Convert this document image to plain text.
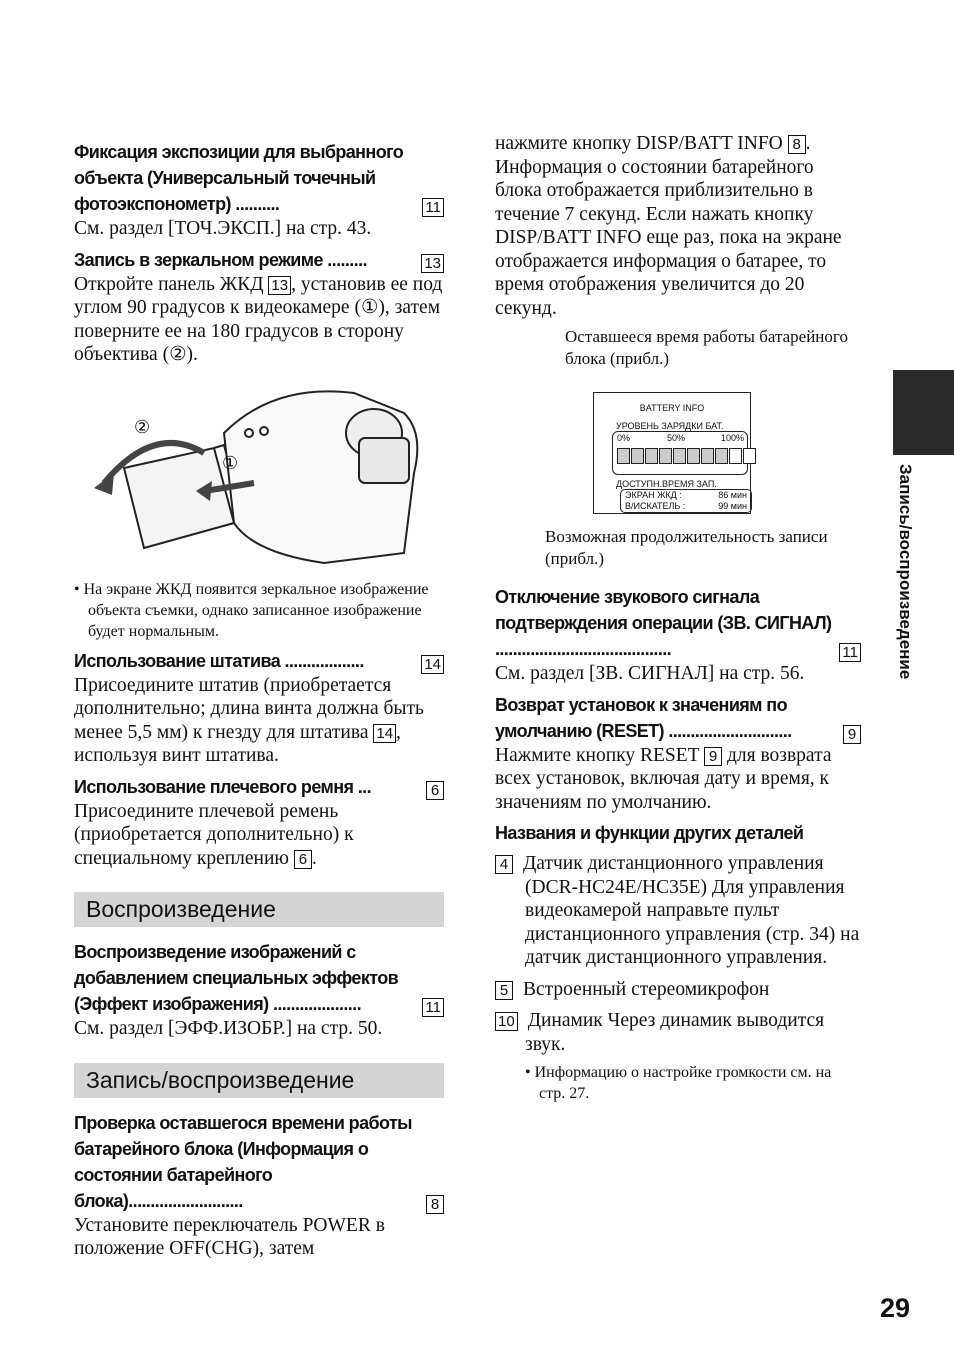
Фиксация экспозиции для выбранного объекта (Универсальный точечный фотоэкспонометр) ..........	11
См. раздел [ТОЧ.ЭКСП.] на стр. 43.
Запись в зеркальном режиме .........	13
Откройте панель ЖКД 13 , установив ее под углом 90 градусов к видеокамере (①), затем поверните ее на 180 градусов в сторону объектива (②).
②
①
• На экране ЖКД появится зеркальное изображение объекта съемки, однако записанное изображение будет нормальным.
Использование штатива ..................	14
Присоедините штатив (приобретается дополнительно; длина винта должна быть менее 5,5 мм) к гнезду для штатива 14 , используя винт штатива.
Использование плечевого ремня ...	6
Присоедините плечевой ремень (приобретается дополнительно) к специальному креплению 6 .
Воспроизведение
Воспроизведение изображений с добавлением специальных эффектов (Эффект изображения) ....................	11
См. раздел [ЭФФ.ИЗОБР.] на стр. 50.
Запись/воспроизведение
Проверка оставшегося времени работы батарейного блока (Информация о состоянии батарейного блока)..........................	8
Установите переключатель POWER в положение OFF(CHG), затем
нажмите кнопку DISP/BATT INFO 8 . Информация о состоянии батарейного блока отображается приблизительно в течение 7 секунд. Если нажать кнопку DISP/BATT INFO еще раз, пока на экране отображается информация о батарее, то время отображения увеличится до 20 секунд.
Оставшееся время работы батарейного блока (прибл.)
BATTERY INFO
УРОВЕНЬ ЗАРЯДКИ БАТ.
0%	50%	100%
ДОСТУПН.ВРЕМЯ ЗАП.
ЭКРАН ЖКД :	86 мин
В/ИСКАТЕЛЬ :	99 мин
Возможная продолжительность записи (прибл.)
Отключение звукового сигнала подтверждения операции (ЗВ. СИГНАЛ) ........................................	11
См. раздел [ЗВ. СИГНАЛ] на стр. 56.
Возврат установок к значениям по умолчанию (RESET) ............................	9
Нажмите кнопку RESET 9 для возврата всех установок, включая дату и время, к значениям по умолчанию.
Названия и функции других деталей
4 Датчик дистанционного управления (DCR-HC24E/HC35E) Для управления видеокамерой направьте пульт дистанционного управления (стр. 34) на датчик дистанционного управления.
5 Встроенный стереомикрофон
10 Динамик Через динамик выводится звук.
• Информацию о настройке громкости см. на стр. 27.
Запись/воспроизведение
29
